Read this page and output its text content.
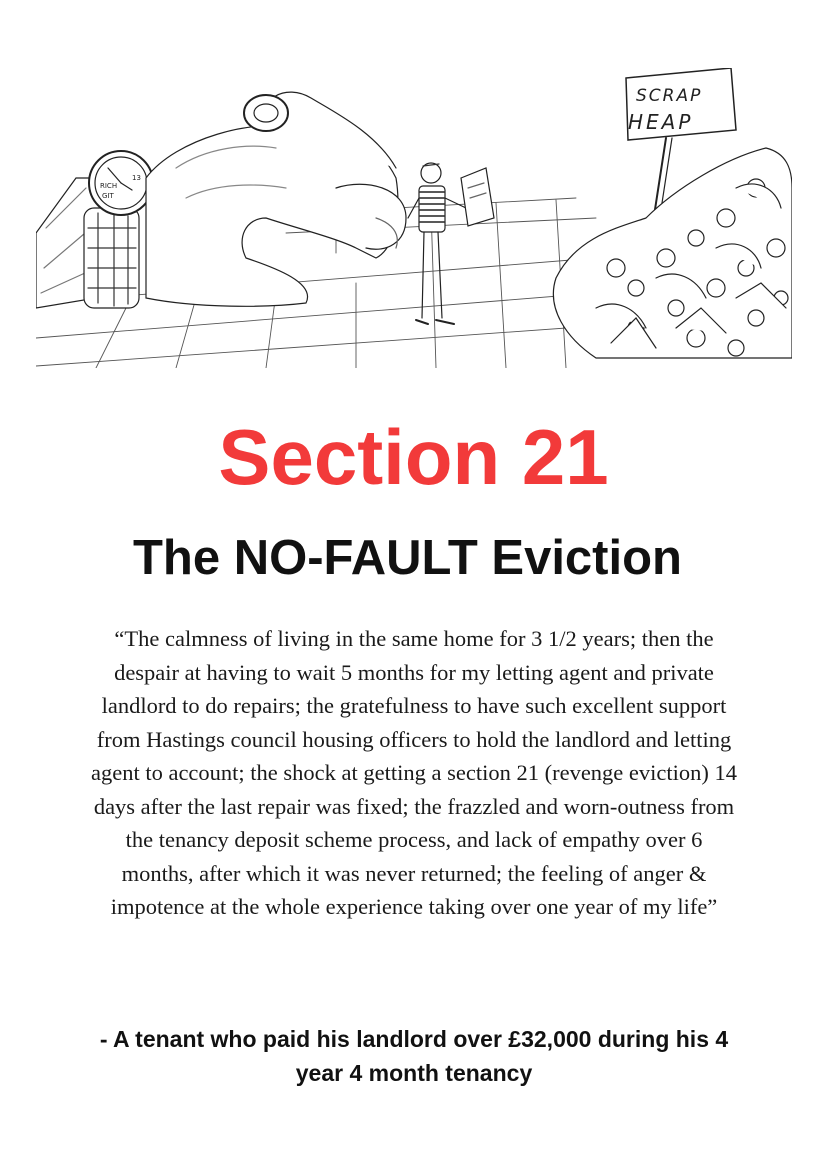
RICH
GIT
13
SCRAP
HEAP
Section 21
The NO-FAULT Eviction

“The calmness of living in the same home for 3 1/2 years; then the despair at having to wait 5 months for my letting agent and private landlord to do repairs; the gratefulness to have such excellent support from Hastings council housing officers to hold the landlord and letting agent to account; the shock at getting a section 21 (revenge eviction) 14 days after the last repair was fixed; the frazzled and worn-outness from the tenancy deposit scheme process, and lack of empathy over 6 months, after which it was never returned; the feeling of anger & impotence at the whole experience taking over one year of my life”

- A tenant who paid his landlord over £32,000 during his 4 year 4 month tenancy
